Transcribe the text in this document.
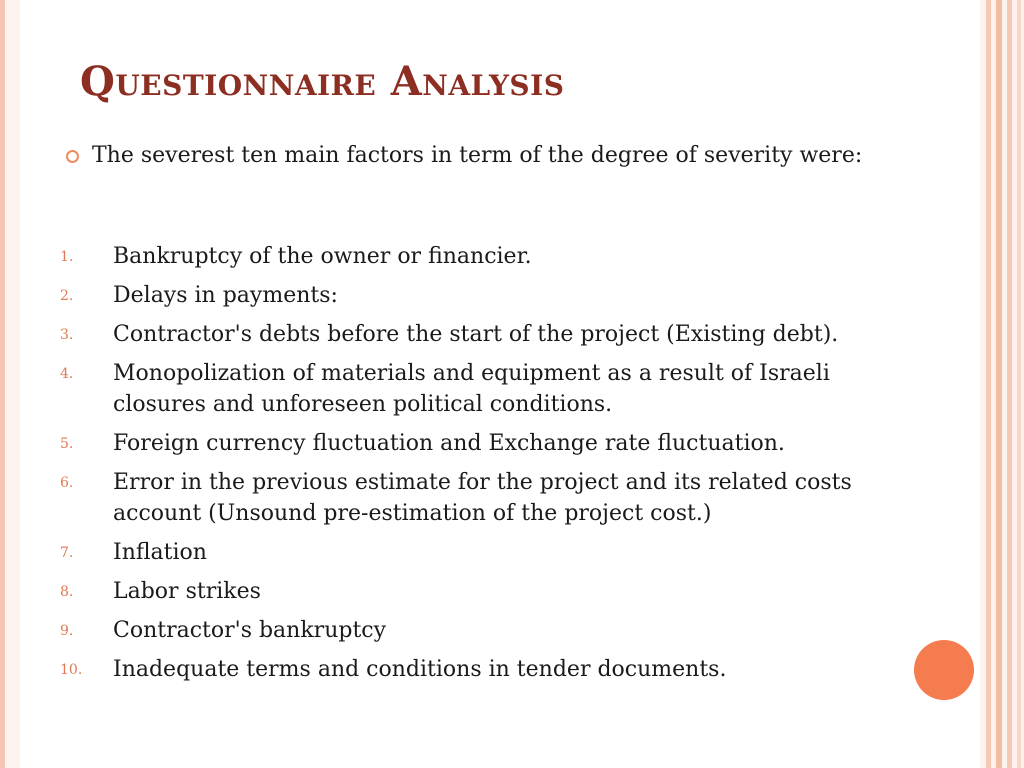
Questionnaire Analysis

The severest ten main factors in term of the degree of severity were:

1. Bankruptcy of the owner or financier.
2. Delays in payments:
3. Contractor's debts before the start of the project (Existing debt).
4. Monopolization of materials and equipment as a result of Israeli closures and unforeseen political conditions.
5. Foreign currency fluctuation and Exchange rate fluctuation.
6. Error in the previous estimate for the project and its related costs account (Unsound pre-estimation of the project cost.)
7. Inflation
8. Labor strikes
9. Contractor's bankruptcy
10. Inadequate terms and conditions in tender documents.
